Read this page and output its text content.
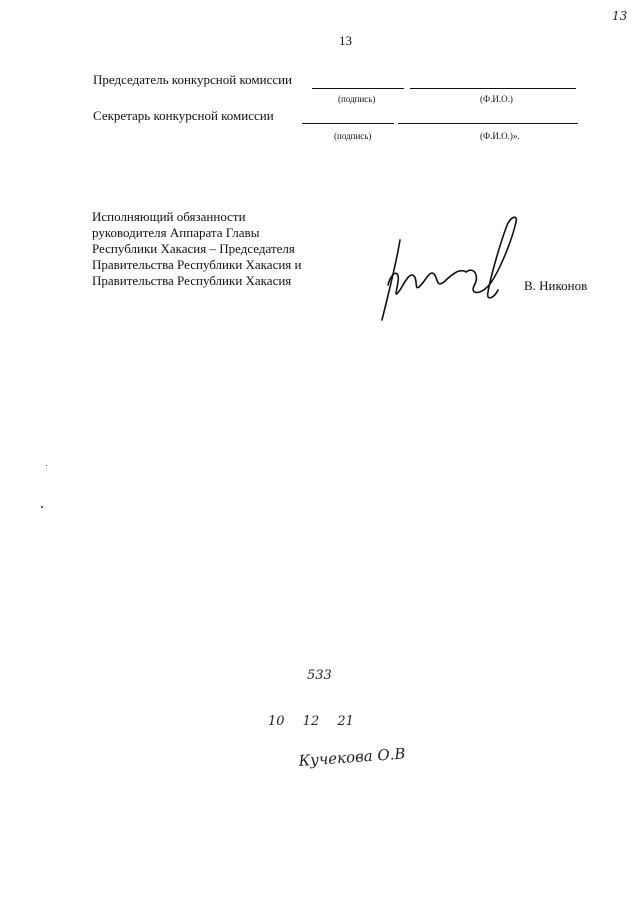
13
13
Председатель конкурсной комиссии
(подпись)	(Ф.И.О.)
Секретарь конкурсной комиссии
(подпись)	(Ф.И.О.)».
Исполняющий обязанности
руководителя Аппарата Главы
Республики Хакасия – Председателя
Правительства Республики Хакасия и
Правительства Республики Хакасия	В. Никонов
533
10 12 21
Кучекова О.В
